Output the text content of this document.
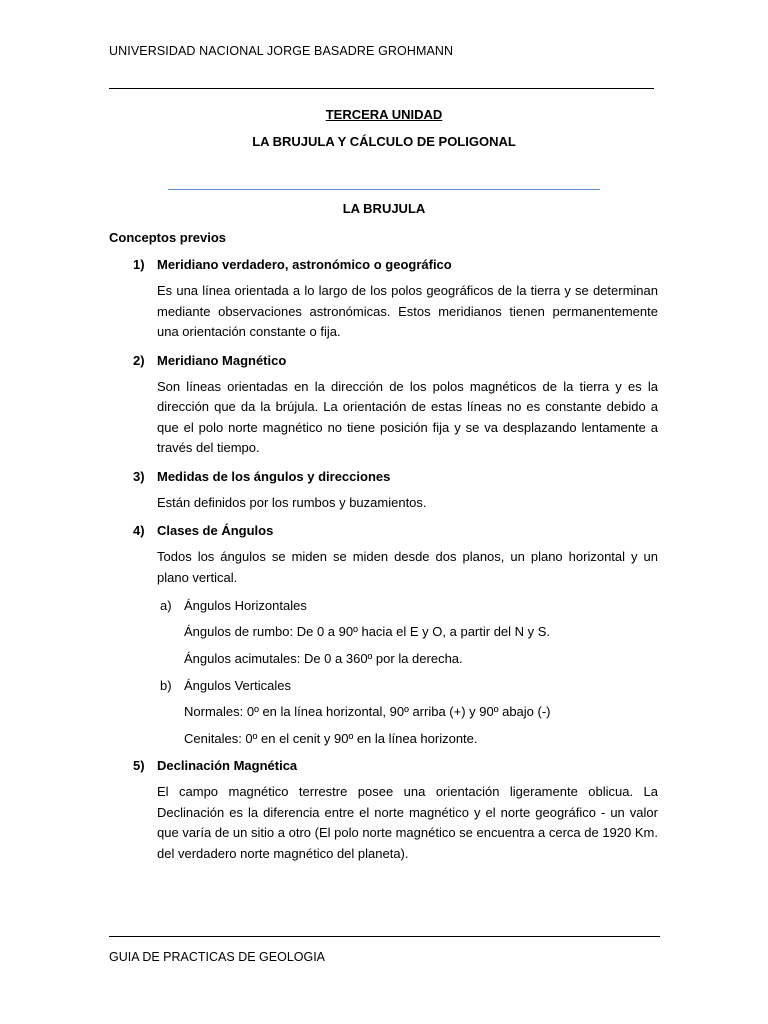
UNIVERSIDAD NACIONAL JORGE BASADRE GROHMANN
TERCERA UNIDAD
LA BRUJULA Y CÁLCULO DE POLIGONAL
LA BRUJULA
Conceptos previos
1) Meridiano verdadero, astronómico o geográfico
Es una línea orientada a lo largo de los polos geográficos de la tierra y se determinan mediante observaciones astronómicas. Estos meridianos tienen permanentemente una orientación constante o fija.
2) Meridiano Magnético
Son líneas orientadas en la dirección de los polos magnéticos de la tierra y es la dirección que da la brújula. La orientación de estas líneas no es constante debido a que el polo norte magnético no tiene posición fija y se va desplazando lentamente a través del tiempo.
3) Medidas de los ángulos y direcciones
Están definidos por los rumbos y buzamientos.
4) Clases de Ángulos
Todos los ángulos se miden se miden desde dos planos, un plano horizontal y un plano vertical.
a) Ángulos Horizontales
Ángulos de rumbo: De 0 a 90º hacia el E y O, a partir del N y S.
Ángulos acimutales: De 0 a 360º por la derecha.
b) Ángulos Verticales
Normales: 0º en la línea horizontal, 90º arriba (+) y 90º abajo (-)
Cenitales: 0º en el cenit y 90º en la línea horizonte.
5) Declinación Magnética
El campo magnético terrestre posee una orientación ligeramente oblicua. La Declinación es la diferencia entre el norte magnético y el norte geográfico - un valor que varía de un sitio a otro (El polo norte magnético se encuentra a cerca de 1920 Km. del verdadero norte magnético del planeta).
GUIA DE PRACTICAS DE GEOLOGIA
